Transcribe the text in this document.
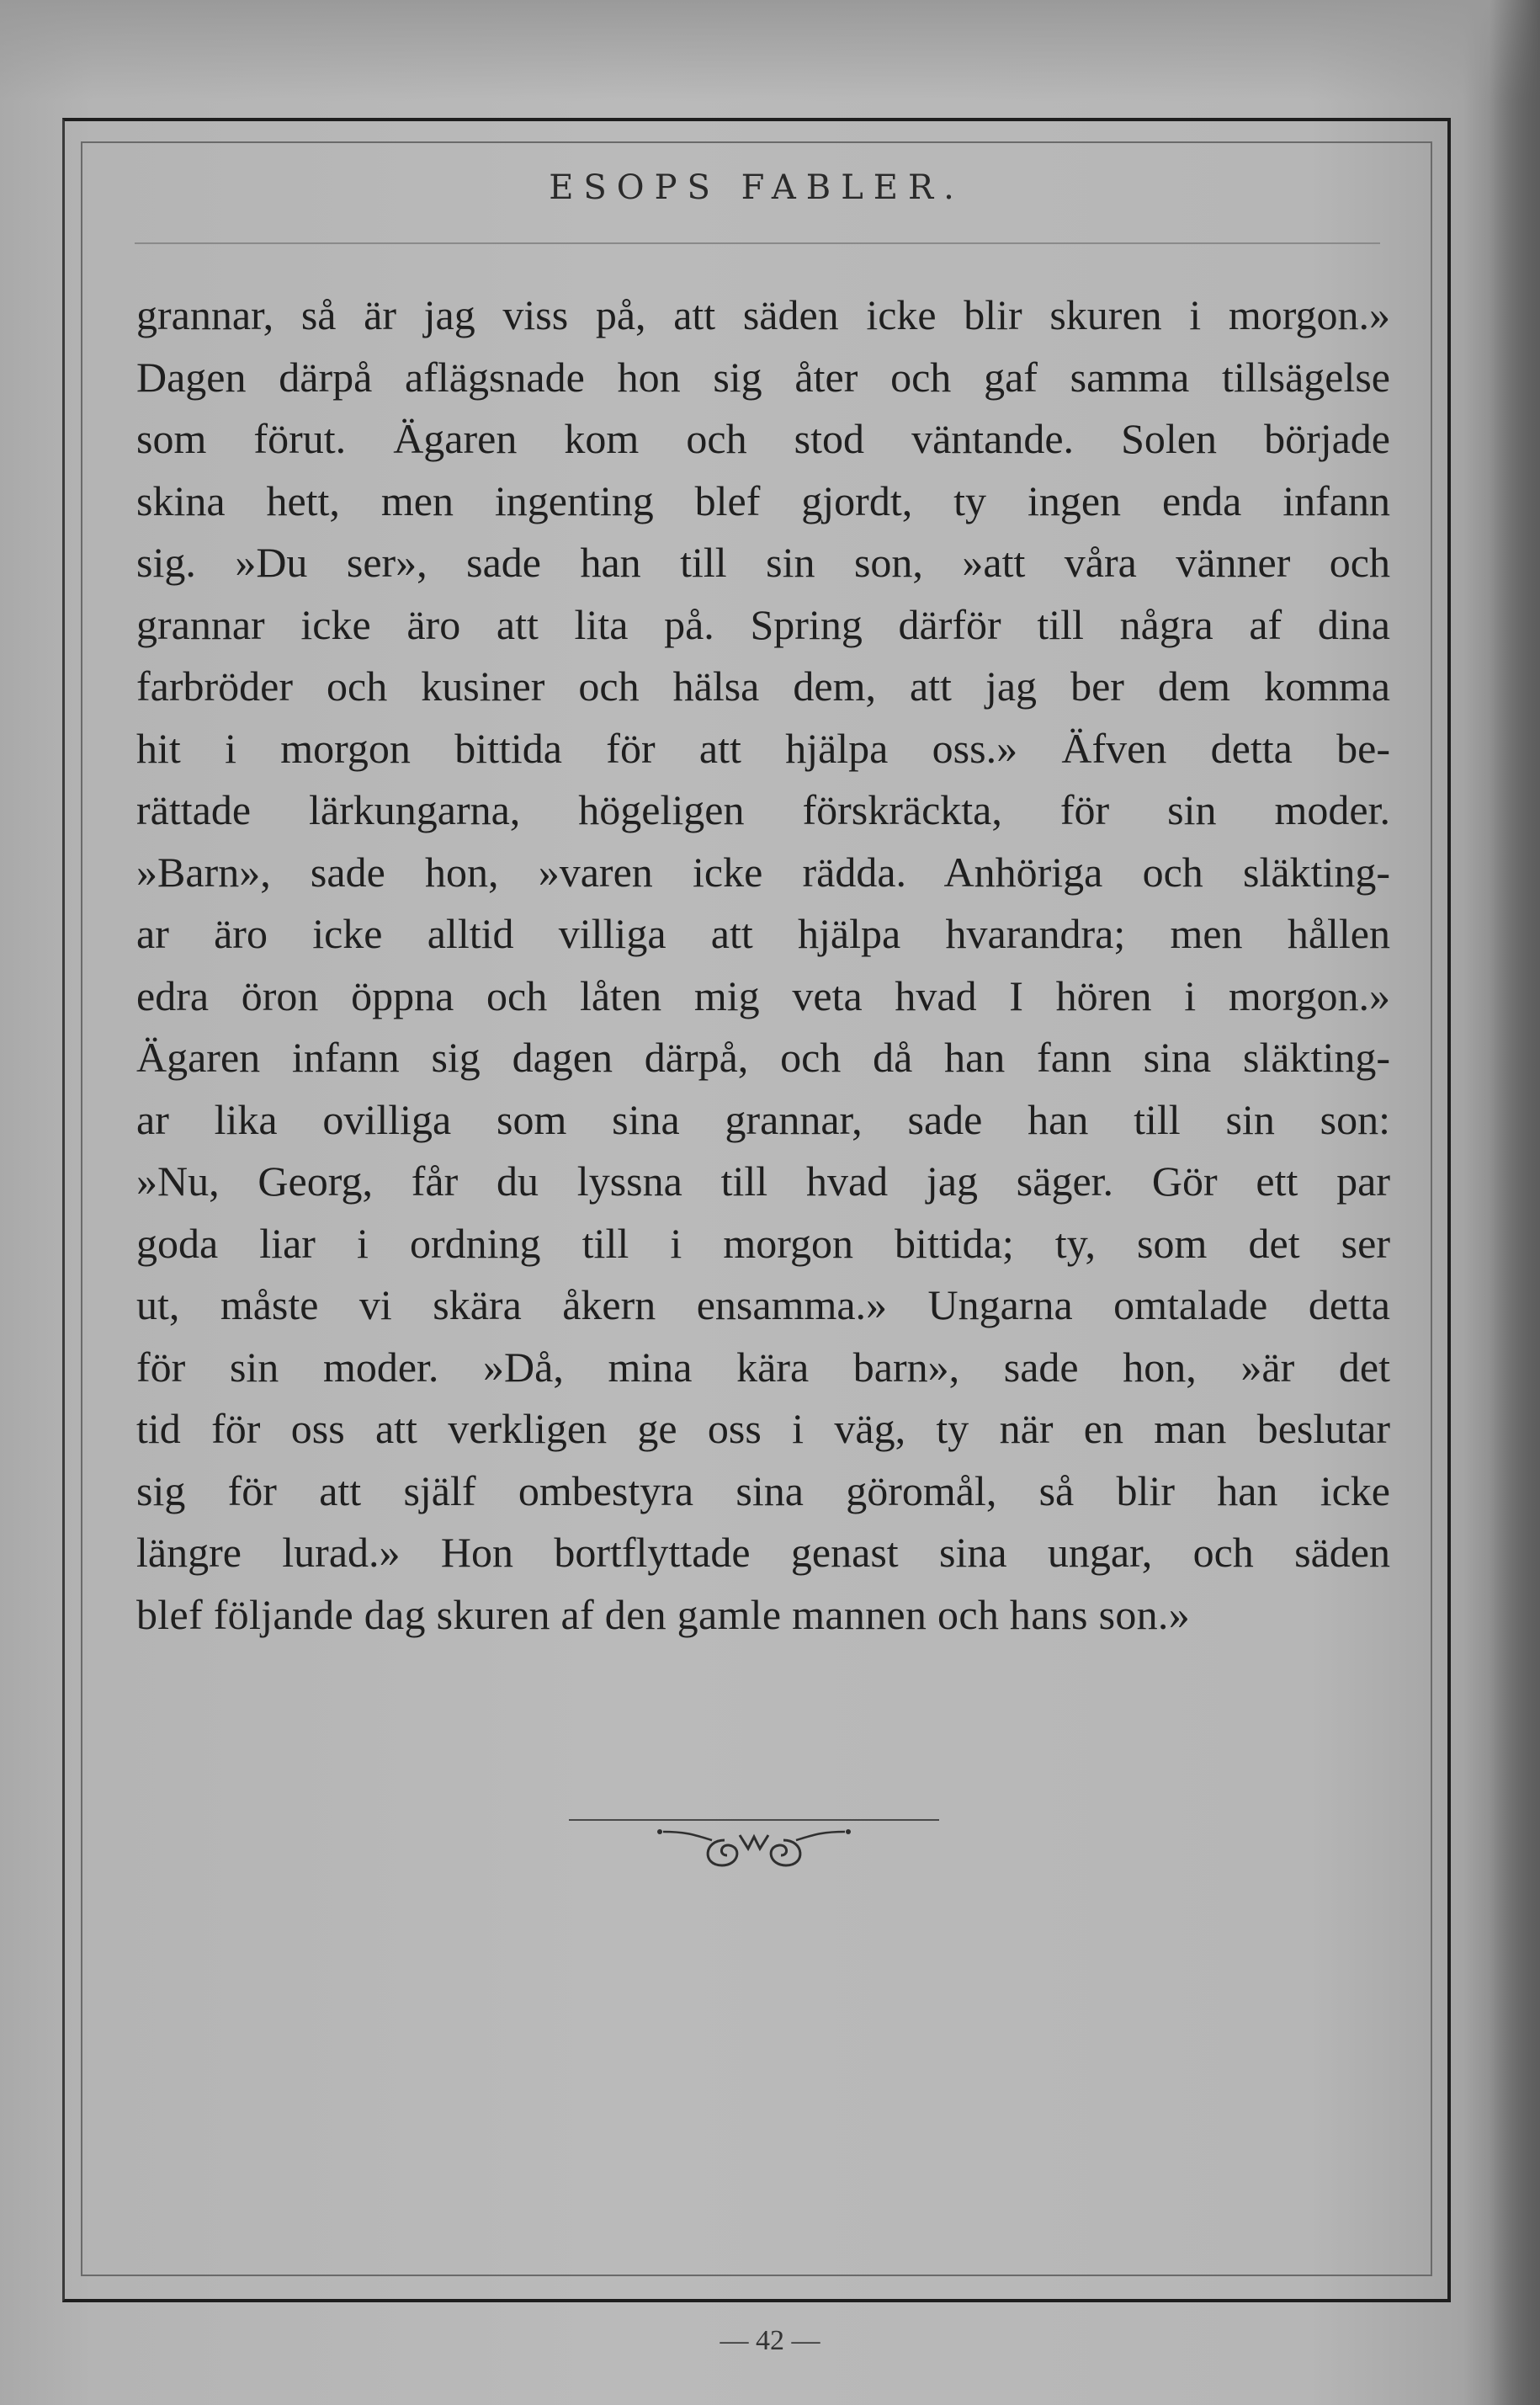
ESOPS FABLER.
grannar, så är jag viss på, att säden icke blir skuren i morgon.»
Dagen därpå aflägsnade hon sig åter och gaf samma tillsägelse
som förut. Ägaren kom och stod väntande. Solen började
skina hett, men ingenting blef gjordt, ty ingen enda infann
sig. »Du ser», sade han till sin son, »att våra vänner och
grannar icke äro att lita på. Spring därför till några af dina
farbröder och kusiner och hälsa dem, att jag ber dem komma
hit i morgon bittida för att hjälpa oss.» Äfven detta be-
rättade lärkungarna, högeligen förskräckta, för sin moder.
»Barn», sade hon, »varen icke rädda. Anhöriga och släkting-
ar äro icke alltid villiga att hjälpa hvarandra; men hållen
edra öron öppna och låten mig veta hvad I hören i morgon.»
Ägaren infann sig dagen därpå, och då han fann sina släkting-
ar lika ovilliga som sina grannar, sade han till sin son:
»Nu, Georg, får du lyssna till hvad jag säger. Gör ett par
goda liar i ordning till i morgon bittida; ty, som det ser
ut, måste vi skära åkern ensamma.» Ungarna omtalade detta
för sin moder. »Då, mina kära barn», sade hon, »är det
tid för oss att verkligen ge oss i väg, ty när en man beslutar
sig för att själf ombestyra sina göromål, så blir han icke
längre lurad.» Hon bortflyttade genast sina ungar, och säden
blef följande dag skuren af den gamle mannen och hans son.»
— 42 —
